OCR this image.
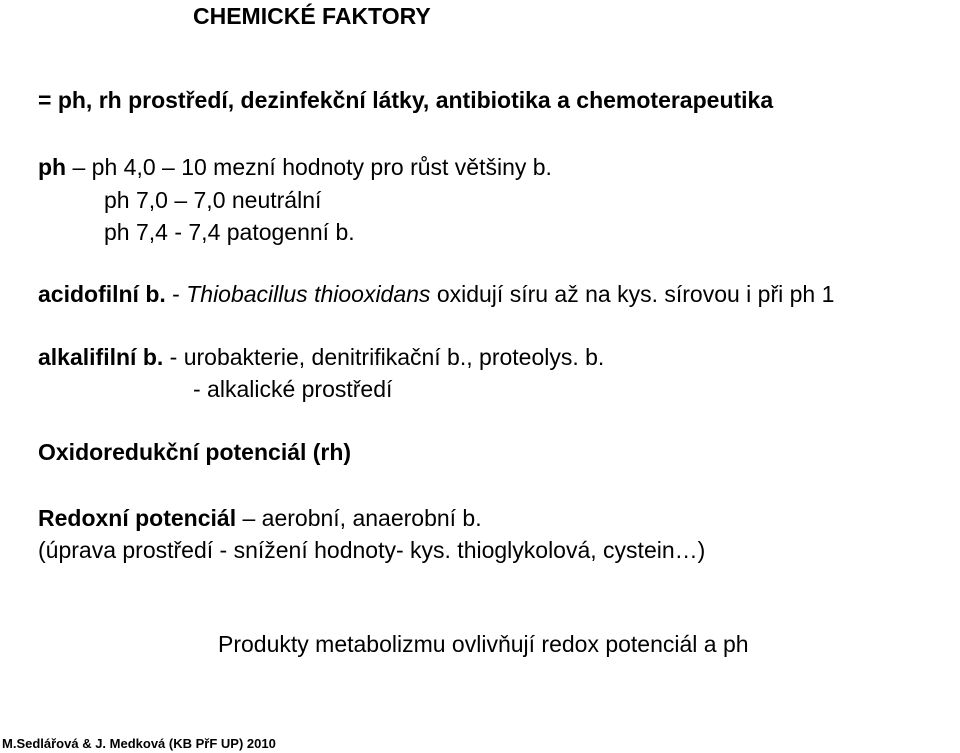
CHEMICKÉ FAKTORY
= ph, rh prostředí, dezinfekční látky, antibiotika a chemoterapeutika
ph – ph 4,0 – 10 mezní hodnoty pro růst většiny b.
ph 7,0 – 7,0 neutrální
ph 7,4 - 7,4 patogenní b.
acidofilní b. - Thiobacillus thiooxidans oxidují síru až na kys. sírovou i při ph 1
alkalifilní b. - urobakterie, denitrifikační b., proteolys. b.
- alkalické prostředí
Oxidoredukční potenciál (rh)
Redoxní potenciál – aerobní, anaerobní b.
(úprava prostředí - snížení hodnoty- kys. thioglykolová, cystein…)
Produkty metabolizmu ovlivňují redox potenciál a ph
M.Sedlářová & J. Medková (KB PřF UP) 2010
